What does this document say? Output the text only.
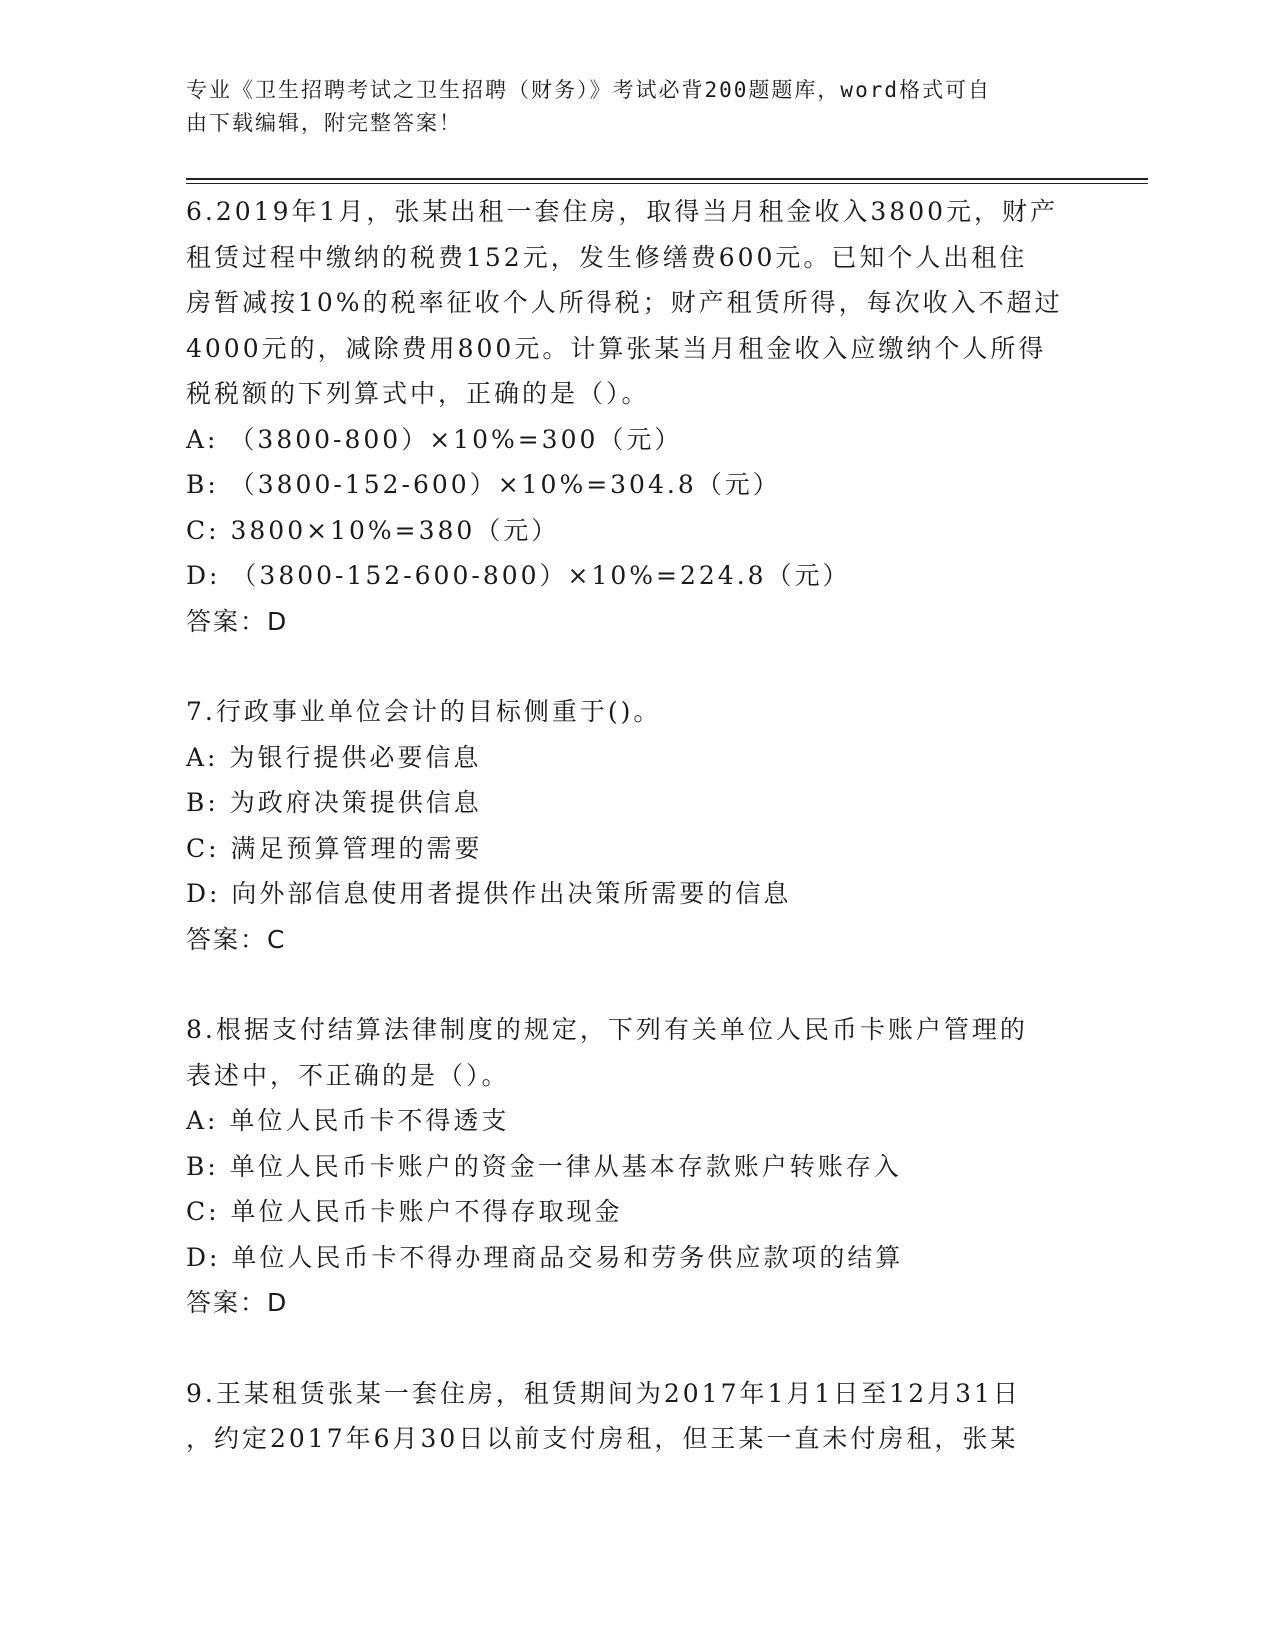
专业《卫生招聘考试之卫生招聘（财务）》考试必背200题题库，word格式可自
由下载编辑，附完整答案！
6.2019年1月，张某出租一套住房，取得当月租金收入3800元，财产
租赁过程中缴纳的税费152元，发生修缮费600元。已知个人出租住
房暂减按10%的税率征收个人所得税；财产租赁所得，每次收入不超过
4000元的，减除费用800元。计算张某当月租金收入应缴纳个人所得
税税额的下列算式中，正确的是（）。
A: （3800-800）×10%=300（元）
B: （3800-152-600）×10%=304.8（元）
C: 3800×10%=380（元）
D: （3800-152-600-800）×10%=224.8（元）
答案：D
7.行政事业单位会计的目标侧重于()。
A: 为银行提供必要信息
B: 为政府决策提供信息
C: 满足预算管理的需要
D: 向外部信息使用者提供作出决策所需要的信息
答案：C
8.根据支付结算法律制度的规定，下列有关单位人民币卡账户管理的
表述中，不正确的是（）。
A: 单位人民币卡不得透支
B: 单位人民币卡账户的资金一律从基本存款账户转账存入
C: 单位人民币卡账户不得存取现金
D: 单位人民币卡不得办理商品交易和劳务供应款项的结算
答案：D
9.王某租赁张某一套住房，租赁期间为2017年1月1日至12月31日
，约定2017年6月30日以前支付房租，但王某一直未付房租，张某
